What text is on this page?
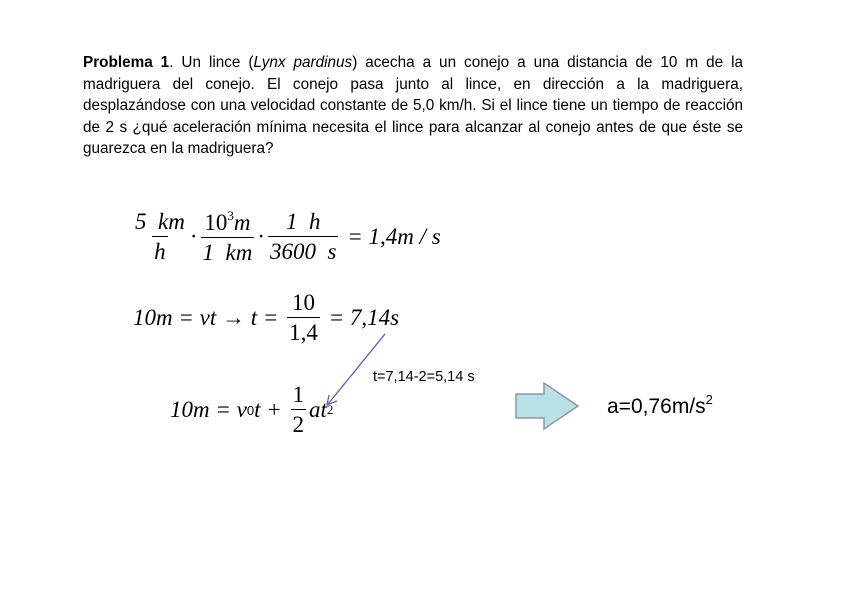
Problema 1. Un lince (Lynx pardinus) acecha a un conejo a una distancia de 10 m de la madriguera del conejo. El conejo pasa junto al lince, en dirección a la madriguera, desplazándose con una velocidad constante de 5,0 km/h. Si el lince tiene un tiempo de reacción de 2 s ¿qué aceleración mínima necesita el lince para alcanzar al conejo antes de que éste se guarezca en la madriguera?
$\frac{5 km}{h} \cdot \frac{10^3m}{1 km} \cdot \frac{1 h}{3600 s} = 1,4m / s$
10m = vt → $t = \frac{10}{1,4} = 7,14s$
10m = v 0 $t + \frac{1}{2}$ at 2
t=7,14-2=5,14 s
$a=0,76m/s^2$
